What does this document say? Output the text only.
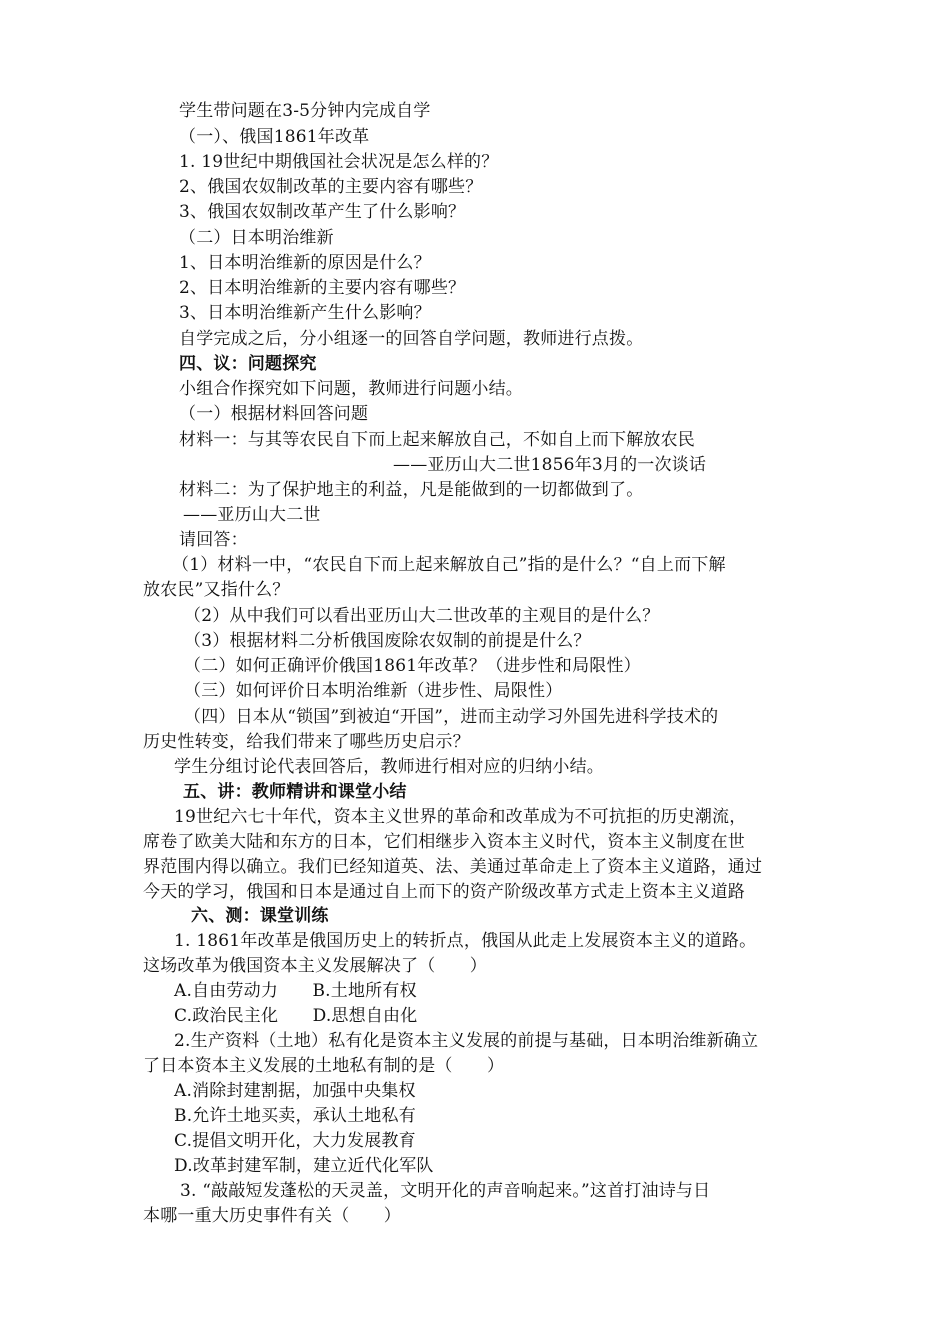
学生带问题在3-5分钟内完成自学
（一）、俄国1861年改革
1. 19世纪中期俄国社会状况是怎么样的？
2、俄国农奴制改革的主要内容有哪些？
3、俄国农奴制改革产生了什么影响？
（二）日本明治维新
1、日本明治维新的原因是什么？
2、日本明治维新的主要内容有哪些？
3、日本明治维新产生什么影响？
自学完成之后，分小组逐一的回答自学问题，教师进行点拨。
四、议：问题探究
小组合作探究如下问题，教师进行问题小结。
（一）根据材料回答问题
材料一：与其等农民自下而上起来解放自己，不如自上而下解放农民
——亚历山大二世1856年3月的一次谈话
材料二：为了保护地主的利益，凡是能做到的一切都做到了。
——亚历山大二世
请回答：
（1）材料一中，“农民自下而上起来解放自己”指的是什么？“自上而下解
放农民”又指什么？
（2）从中我们可以看出亚历山大二世改革的主观目的是什么？
（3）根据材料二分析俄国废除农奴制的前提是什么？
（二）如何正确评价俄国1861年改革？（进步性和局限性）
（三）如何评价日本明治维新（进步性、局限性）
（四）日本从“锁国”到被迫“开国”，进而主动学习外国先进科学技术的
历史性转变，给我们带来了哪些历史启示？
学生分组讨论代表回答后，教师进行相对应的归纳小结。
五、讲：教师精讲和课堂小结
19世纪六七十年代，资本主义世界的革命和改革成为不可抗拒的历史潮流，
席卷了欧美大陆和东方的日本，它们相继步入资本主义时代，资本主义制度在世
界范围内得以确立。我们已经知道英、法、美通过革命走上了资本主义道路，通过
今天的学习，俄国和日本是通过自上而下的资产阶级改革方式走上资本主义道路
六、测：课堂训练
1. 1861年改革是俄国历史上的转折点，俄国从此走上发展资本主义的道路。
这场改革为俄国资本主义发展解决了（　　）
A.自由劳动力　　B.土地所有权
C.政治民主化　　D.思想自由化
2.生产资料（土地）私有化是资本主义发展的前提与基础，日本明治维新确立
了日本资本主义发展的土地私有制的是（　　）
A.消除封建割据，加强中央集权
B.允许土地买卖，承认土地私有
C.提倡文明开化，大力发展教育
D.改革封建军制，建立近代化军队
3. “敲敲短发蓬松的天灵盖，文明开化的声音响起来。”这首打油诗与日
本哪一重大历史事件有关（　　）
